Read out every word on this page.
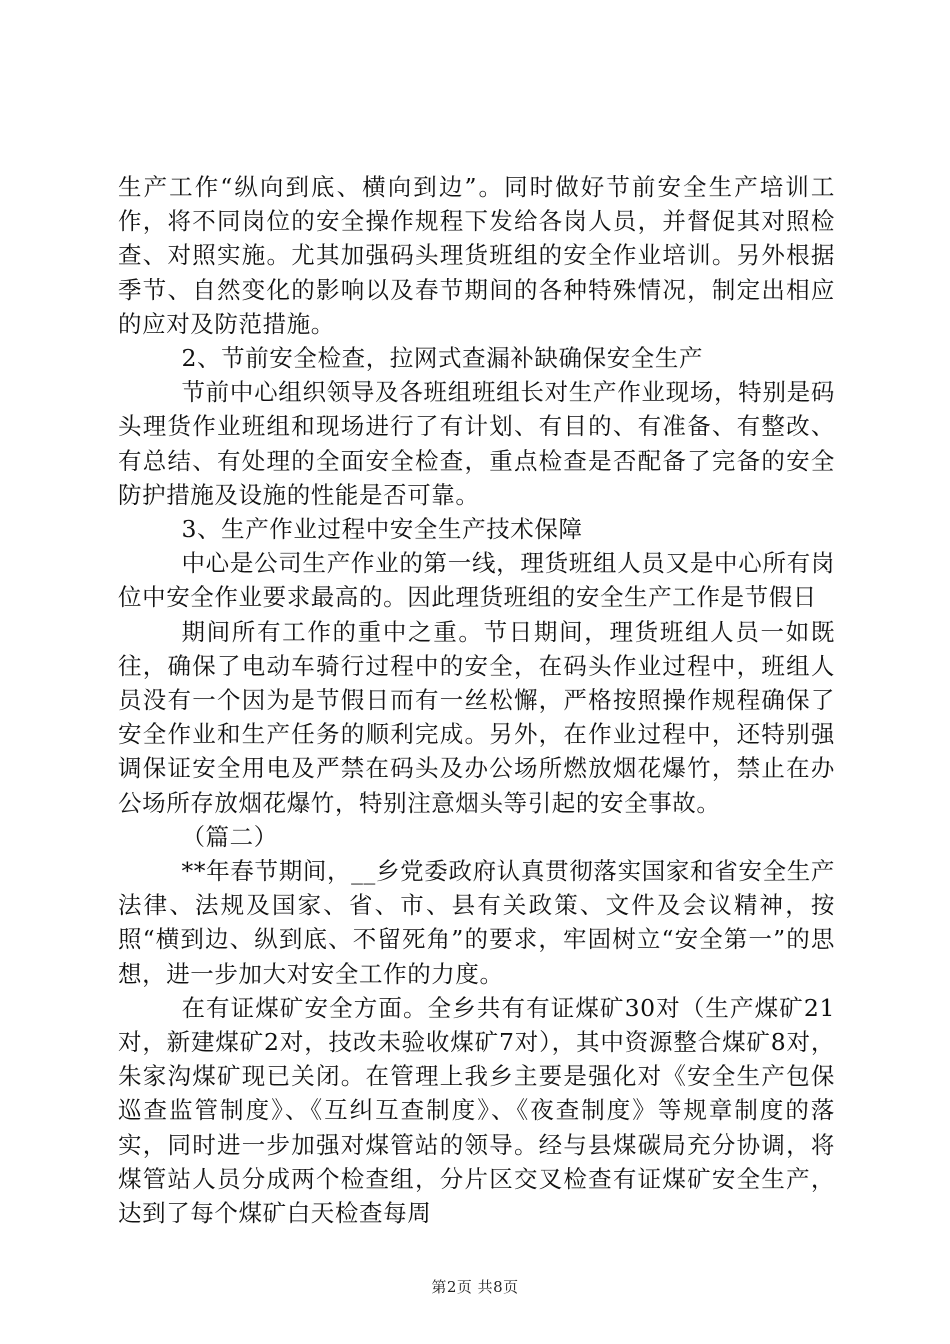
生产工作“纵向到底、横向到边”。同时做好节前安全生产培训工作，将不同岗位的安全操作规程下发给各岗人员，并督促其对照检查、对照实施。尤其加强码头理货班组的安全作业培训。另外根据季节、自然变化的影响以及春节期间的各种特殊情况，制定出相应的应对及防范措施。

2、节前安全检查，拉网式查漏补缺确保安全生产

节前中心组织领导及各班组班组长对生产作业现场，特别是码头理货作业班组和现场进行了有计划、有目的、有准备、有整改、有总结、有处理的全面安全检查，重点检查是否配备了完备的安全防护措施及设施的性能是否可靠。

3、生产作业过程中安全生产技术保障

中心是公司生产作业的第一线，理货班组人员又是中心所有岗位中安全作业要求最高的。因此理货班组的安全生产工作是节假日

期间所有工作的重中之重。节日期间，理货班组人员一如既往，确保了电动车骑行过程中的安全，在码头作业过程中，班组人员没有一个因为是节假日而有一丝松懈，严格按照操作规程确保了安全作业和生产任务的顺利完成。另外，在作业过程中，还特别强调保证安全用电及严禁在码头及办公场所燃放烟花爆竹，禁止在办公场所存放烟花爆竹，特别注意烟头等引起的安全事故。

（篇二）

**年春节期间，__乡党委政府认真贯彻落实国家和省安全生产法律、法规及国家、省、市、县有关政策、文件及会议精神，按照“横到边、纵到底、不留死角”的要求，牢固树立“安全第一”的思想，进一步加大对安全工作的力度。

在有证煤矿安全方面。全乡共有有证煤矿30对（生产煤矿21对，新建煤矿2对，技改未验收煤矿7对），其中资源整合煤矿8对，朱家沟煤矿现已关闭。在管理上我乡主要是强化对《安全生产包保巡查监管制度》、《互纠互查制度》、《夜查制度》等规章制度的落实，同时进一步加强对煤管站的领导。经与县煤碳局充分协调，将煤管站人员分成两个检查组，分片区交叉检查有证煤矿安全生产，达到了每个煤矿白天检查每周

第2页 共8页
